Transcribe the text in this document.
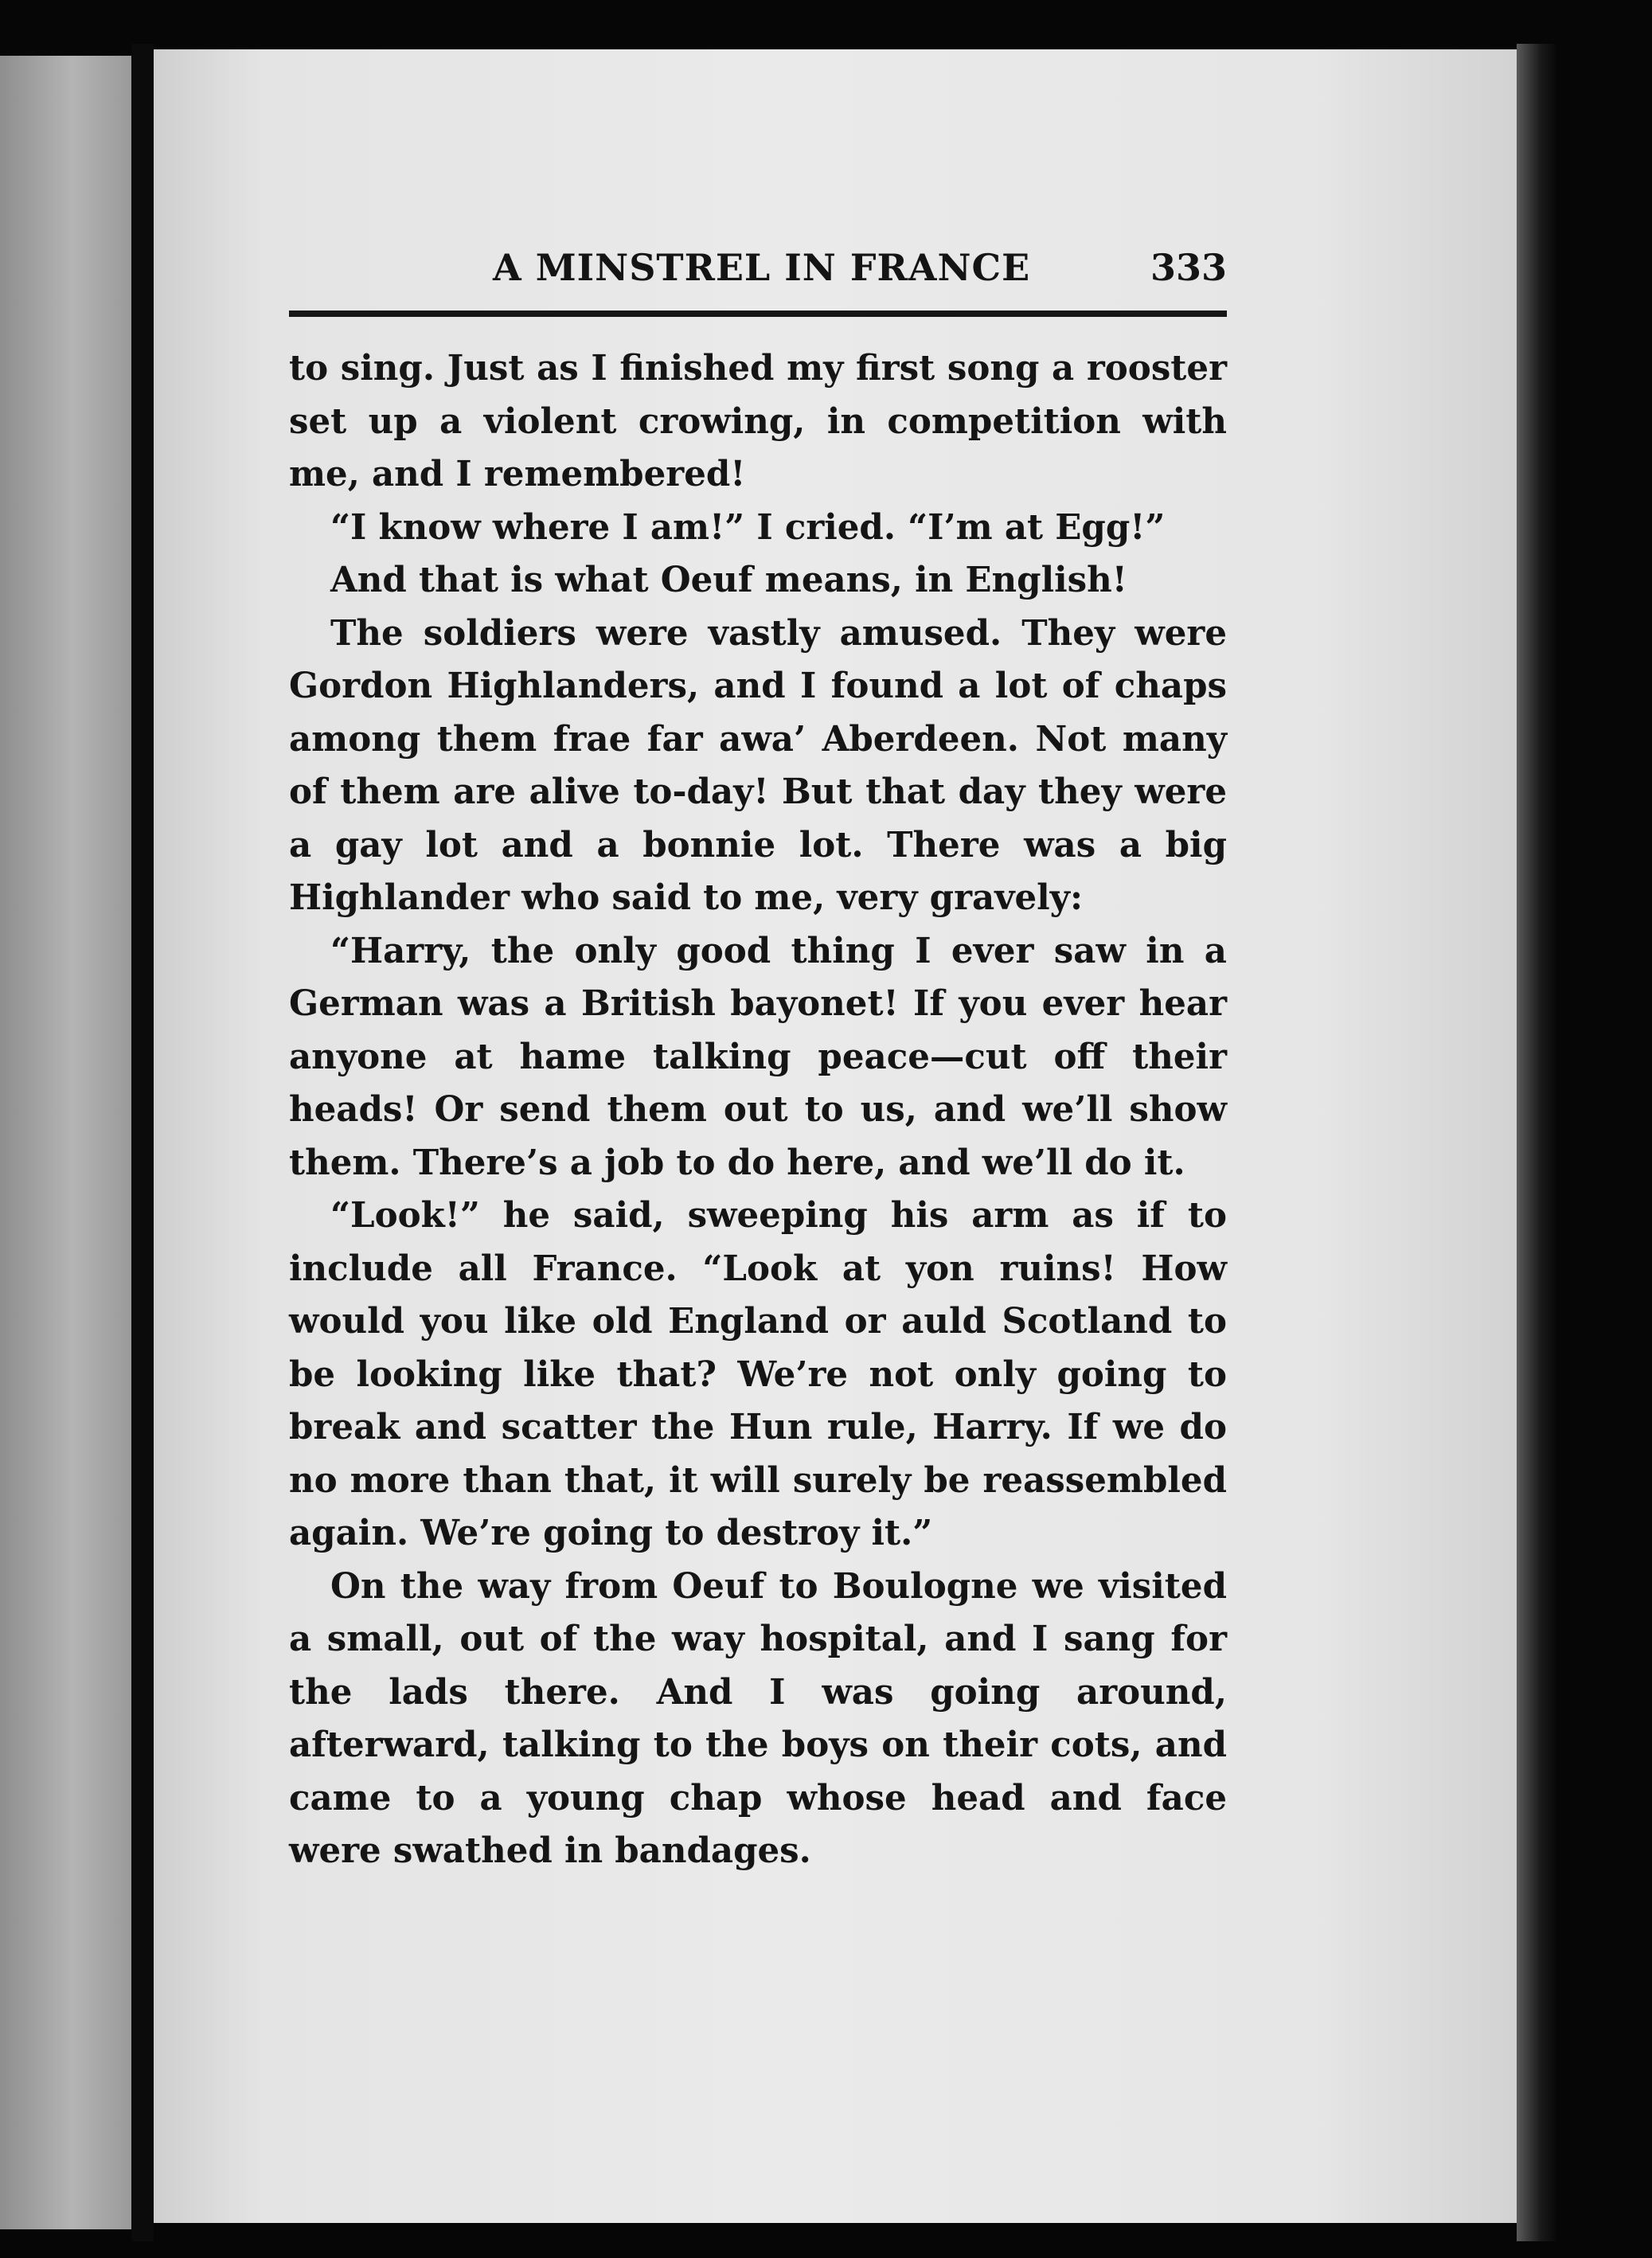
A MINSTREL IN FRANCE	333

to sing. Just as I finished my first song a rooster set up a violent crowing, in competition with me, and I remembered!

“I know where I am!” I cried. “I’m at Egg!”

And that is what Oeuf means, in English!

The soldiers were vastly amused. They were Gordon Highlanders, and I found a lot of chaps among them frae far awa’ Aberdeen. Not many of them are alive to-day! But that day they were a gay lot and a bonnie lot. There was a big Highlander who said to me, very gravely:

“Harry, the only good thing I ever saw in a German was a British bayonet! If you ever hear anyone at hame talking peace—cut off their heads! Or send them out to us, and we’ll show them. There’s a job to do here, and we’ll do it.

“Look!” he said, sweeping his arm as if to include all France. “Look at yon ruins! How would you like old England or auld Scotland to be looking like that? We’re not only going to break and scatter the Hun rule, Harry. If we do no more than that, it will surely be reassembled again. We’re going to destroy it.”

On the way from Oeuf to Boulogne we visited a small, out of the way hospital, and I sang for the lads there. And I was going around, afterward, talking to the boys on their cots, and came to a young chap whose head and face were swathed in bandages.
